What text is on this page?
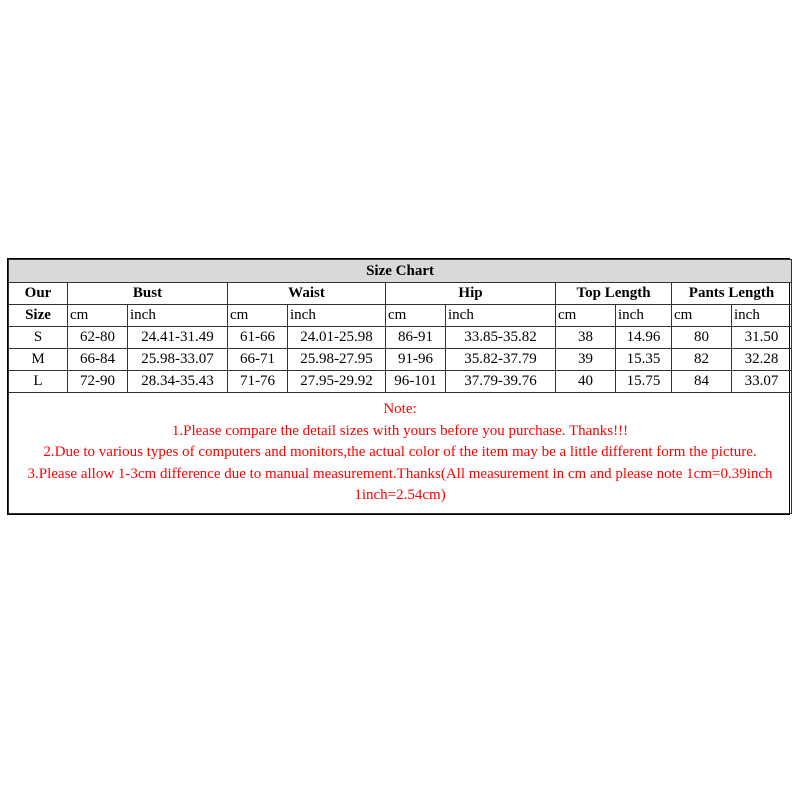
Size Chart										
Our	Bust		Waist		Hip		Top Length		Pants Length	
Size	cm	inch	cm	inch	cm	inch	cm	inch	cm	inch
S	62-80	24.41-31.49	61-66	24.01-25.98	86-91	33.85-35.82	38	14.96	80	31.50
M	66-84	25.98-33.07	66-71	25.98-27.95	91-96	35.82-37.79	39	15.35	82	32.28
L	72-90	28.34-35.43	71-76	27.95-29.92	96-101	37.79-39.76	40	15.75	84	33.07

Note:
1.Please compare the detail sizes with yours before you purchase. Thanks!!!
2.Due to various types of computers and monitors,the actual color of the item may be a little different form the picture.
3.Please allow 1-3cm difference due to manual measurement.Thanks(All measurement in cm and please note 1cm=0.39inch 1inch=2.54cm)										
